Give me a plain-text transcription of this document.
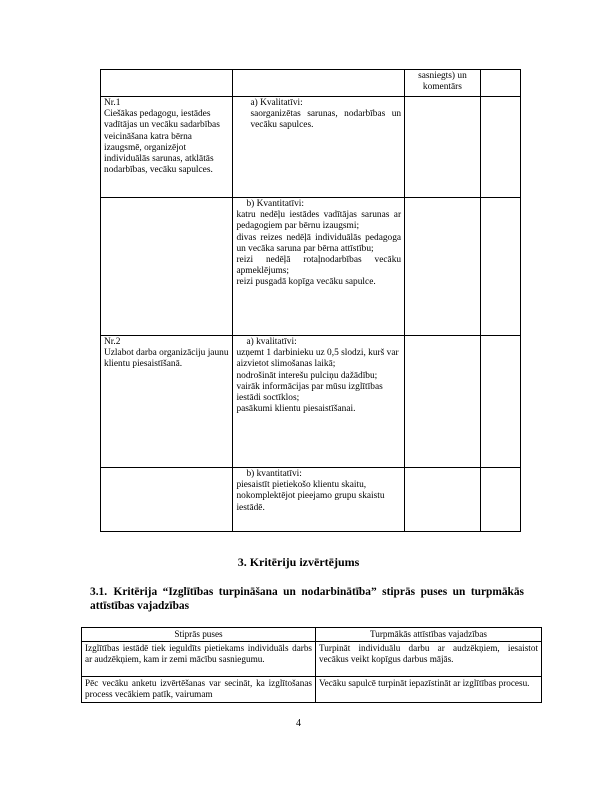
		sasniegts) un komentārs	

Nr.1
Ciešākas pedagogu, iestādes vadītājas un vecāku sadarbības veicināšana katra bērna izaugsmē, organizējot individuālās sarunas, atklātās nodarbības, vecāku sapulces.	a) Kvalitatīvi:
saorganizētas sarunas, nodarbības un vecāku sapulces.		

	b) Kvantitatīvi:
katru nedēļu iestādes vadītājas sarunas ar pedagogiem par bērnu izaugsmi;
divas reizes nedēļā individuālās pedagoga un vecāka saruna par bērna attīstību;
reizi nedēļā rotaļnodarbības vecāku apmeklējums;
reizi pusgadā kopīga vecāku sapulce.		

Nr.2
Uzlabot darba organizāciju jaunu klientu piesaistīšanā.	a) kvalitatīvi:
uzņemt 1 darbinieku uz 0,5 slodzi, kurš var aizvietot slimošanas laikā;
nodrošināt interešu pulciņu dažādību;
vairāk informācijas par mūsu izglītības iestādi soctīklos;
pasākumi klientu piesaistīšanai.		

	b) kvantitatīvi:
piesaistīt pietiekošo klientu skaitu, nokomplektējot pieejamo grupu skaistu iestādē.		

3. Kritēriju izvērtējums
3.1. Kritērija “Izglītības turpināšana un nodarbinātība” stiprās puses un turpmākās attīstības vajadzības
Stiprās puses	Turpmākās attīstības vajadzības
Izglītības iestādē tiek ieguldīts pietiekams individuāls darbs ar audzēkņiem, kam ir zemi mācību sasniegumu.	Turpināt individuālu darbu ar audzēkņiem, iesaistot vecākus veikt kopīgus darbus mājās.
Pēc vecāku anketu izvērtēšanas var secināt, ka izglītošanas process vecākiem patīk, vairumam	Vecāku sapulcē turpināt iepazīstināt ar izglītības procesu.
4
